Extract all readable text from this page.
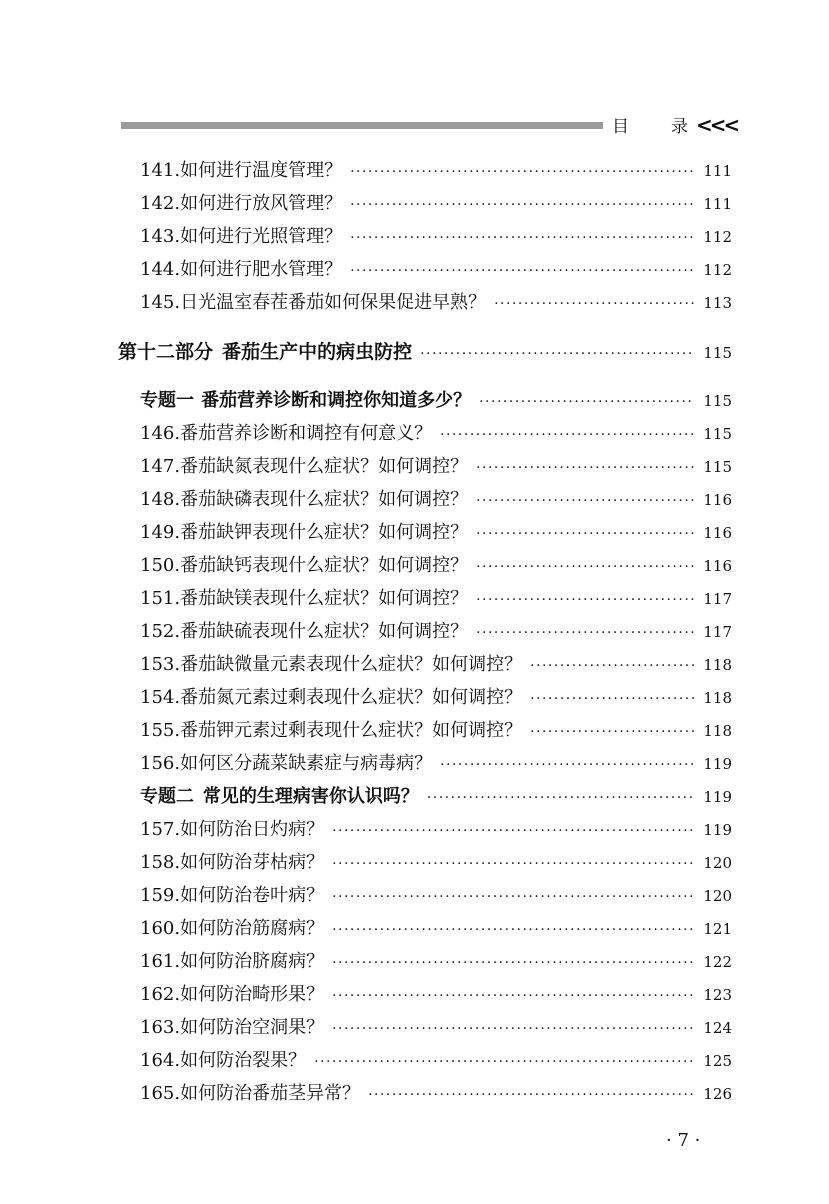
目 录 <<<
141. 如何进行温度管理？ ·····	111
142. 如何进行放风管理？ ·····	111
143. 如何进行光照管理？ ·····	112
144. 如何进行肥水管理？ ·····	112
145. 日光温室春茬番茄如何保果促进早熟？ ·····	113
第十二部分 番茄生产中的病虫防控 ·····	115
专题一 番茄营养诊断和调控你知道多少？ ·····	115
146. 番茄营养诊断和调控有何意义？ ·····	115
147. 番茄缺氮表现什么症状？如何调控？ ·····	115
148. 番茄缺磷表现什么症状？如何调控？ ·····	116
149. 番茄缺钾表现什么症状？如何调控？ ·····	116
150. 番茄缺钙表现什么症状？如何调控？ ·····	116
151. 番茄缺镁表现什么症状？如何调控？ ·····	117
152. 番茄缺硫表现什么症状？如何调控？ ·····	117
153. 番茄缺微量元素表现什么症状？如何调控？ ·····	118
154. 番茄氮元素过剩表现什么症状？如何调控？ ·····	118
155. 番茄钾元素过剩表现什么症状？如何调控？ ·····	118
156. 如何区分蔬菜缺素症与病毒病？ ·····	119
专题二 常见的生理病害你认识吗？ ·····	119
157. 如何防治日灼病？ ·····	119
158. 如何防治芽枯病？ ·····	120
159. 如何防治卷叶病？ ·····	120
160. 如何防治筋腐病？ ·····	121
161. 如何防治脐腐病？ ·····	122
162. 如何防治畸形果？ ·····	123
163. 如何防治空洞果？ ·····	124
164. 如何防治裂果？ ·····	125
165. 如何防治番茄茎异常？ ·····	126
· 7 ·
